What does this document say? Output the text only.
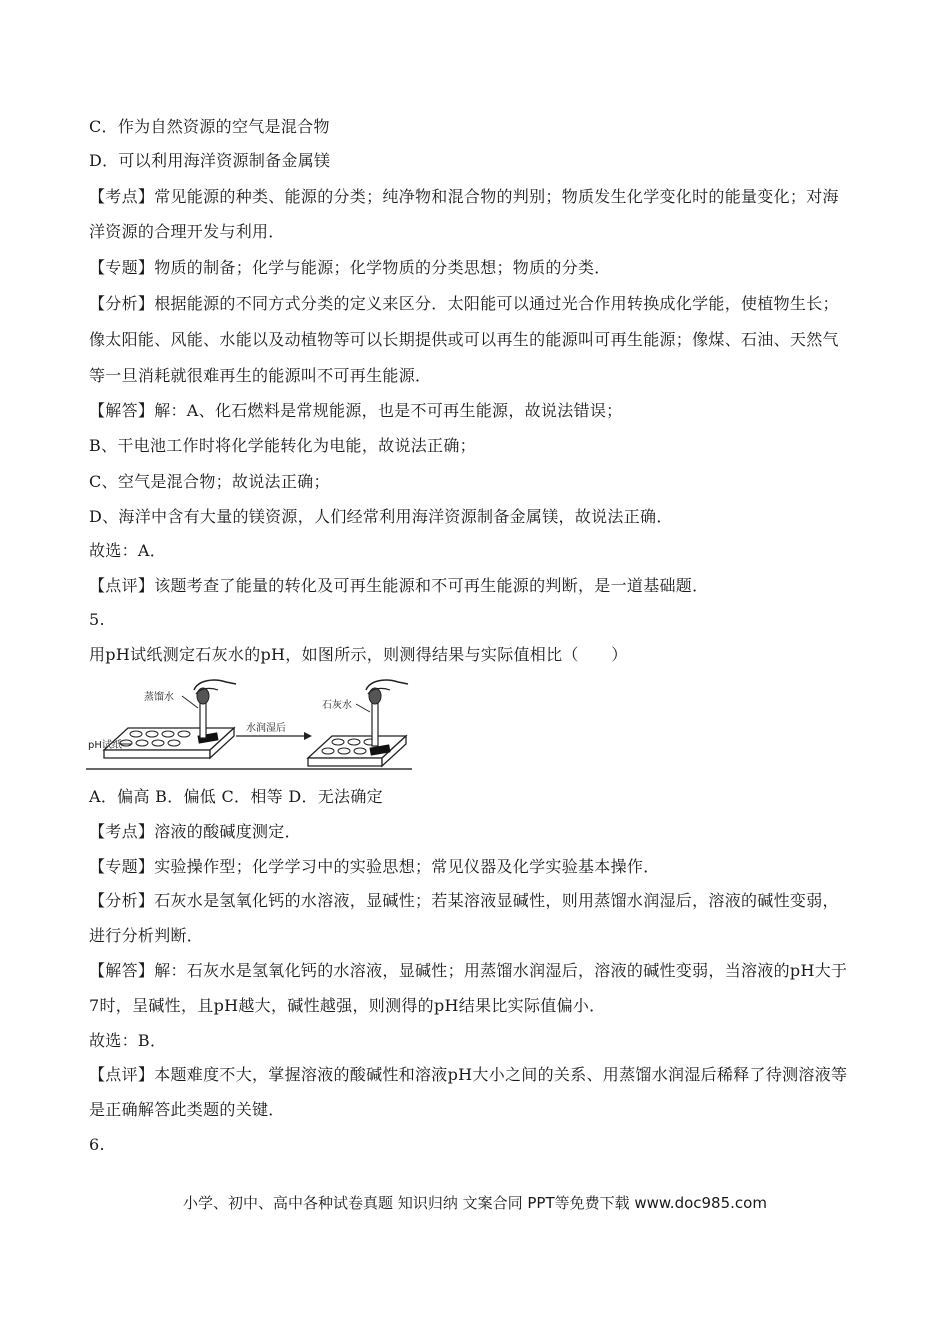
C．作为自然资源的空气是混合物
D．可以利用海洋资源制备金属镁
【考点】常见能源的种类、能源的分类；纯净物和混合物的判别；物质发生化学变化时的能量变化；对海
洋资源的合理开发与利用．
【专题】物质的制备；化学与能源；化学物质的分类思想；物质的分类．
【分析】根据能源的不同方式分类的定义来区分．太阳能可以通过光合作用转换成化学能，使植物生长；
像太阳能、风能、水能以及动植物等可以长期提供或可以再生的能源叫可再生能源；像煤、石油、天然气
等一旦消耗就很难再生的能源叫不可再生能源．
【解答】解：A、化石燃料是常规能源，也是不可再生能源，故说法错误；
B、干电池工作时将化学能转化为电能，故说法正确；
C、空气是混合物；故说法正确；
D、海洋中含有大量的镁资源，人们经常利用海洋资源制备金属镁，故说法正确．
故选：A．
【点评】该题考查了能量的转化及可再生能源和不可再生能源的判断，是一道基础题．
5.
用pH试纸测定石灰水的pH，如图所示，则测得结果与实际值相比（　　）
蒸馏水
pH试纸
水润湿后
石灰水
A．偏高 B．偏低 C．相等 D．无法确定
【考点】溶液的酸碱度测定．
【专题】实验操作型；化学学习中的实验思想；常见仪器及化学实验基本操作．
【分析】石灰水是氢氧化钙的水溶液，显碱性；若某溶液显碱性，则用蒸馏水润湿后，溶液的碱性变弱，
进行分析判断．
【解答】解：石灰水是氢氧化钙的水溶液，显碱性；用蒸馏水润湿后，溶液的碱性变弱，当溶液的pH大于
7时，呈碱性，且pH越大，碱性越强，则测得的pH结果比实际值偏小．
故选：B．
【点评】本题难度不大，掌握溶液的酸碱性和溶液pH大小之间的关系、用蒸馏水润湿后稀释了待测溶液等
是正确解答此类题的关键．
6.
小学、初中、高中各种试卷真题 知识归纳 文案合同 PPT等免费下载 www.doc985.com
